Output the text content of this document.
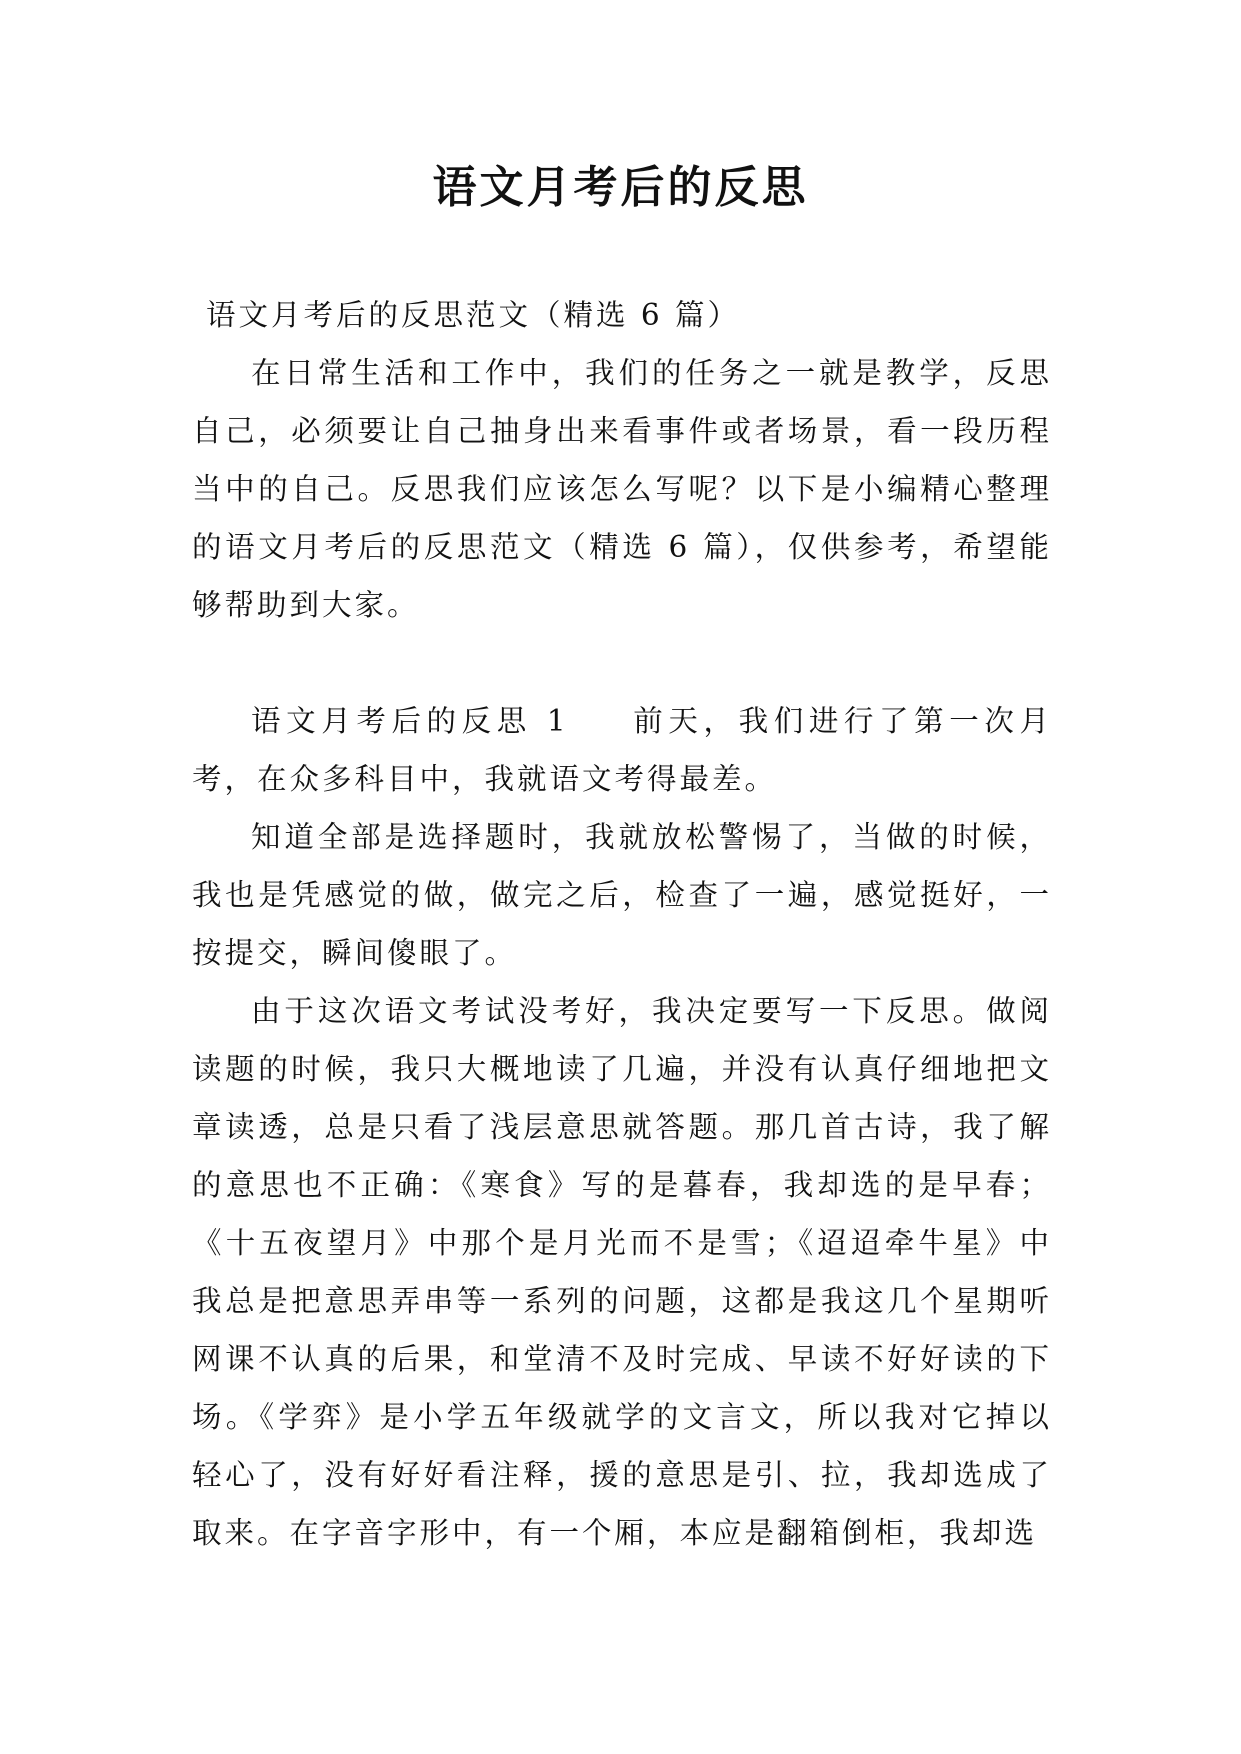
语文月考后的反思

语文月考后的反思范文（精选 6 篇）

在日常生活和工作中，我们的任务之一就是教学，反思自己，必须要让自己抽身出来看事件或者场景，看一段历程当中的自己。反思我们应该怎么写呢？以下是小编精心整理的语文月考后的反思范文（精选 6 篇），仅供参考，希望能够帮助到大家。

语文月考后的反思 1 前天，我们进行了第一次月考，在众多科目中，我就语文考得最差。

知道全部是选择题时，我就放松警惕了，当做的时候，我也是凭感觉的做，做完之后，检查了一遍，感觉挺好，一按提交，瞬间傻眼了。

由于这次语文考试没考好，我决定要写一下反思。做阅读题的时候，我只大概地读了几遍，并没有认真仔细地把文章读透，总是只看了浅层意思就答题。那几首古诗，我了解的意思也不正确：《寒食》写的是暮春，我却选的是早春；《十五夜望月》中那个是月光而不是雪；《迢迢牵牛星》中我总是把意思弄串等一系列的问题，这都是我这几个星期听网课不认真的后果，和堂清不及时完成、早读不好好读的下场。《学弈》是小学五年级就学的文言文，所以我对它掉以轻心了，没有好好看注释，援的意思是引、拉，我却选成了取来。在字音字形中，有一个厢，本应是翻箱倒柜，我却选
